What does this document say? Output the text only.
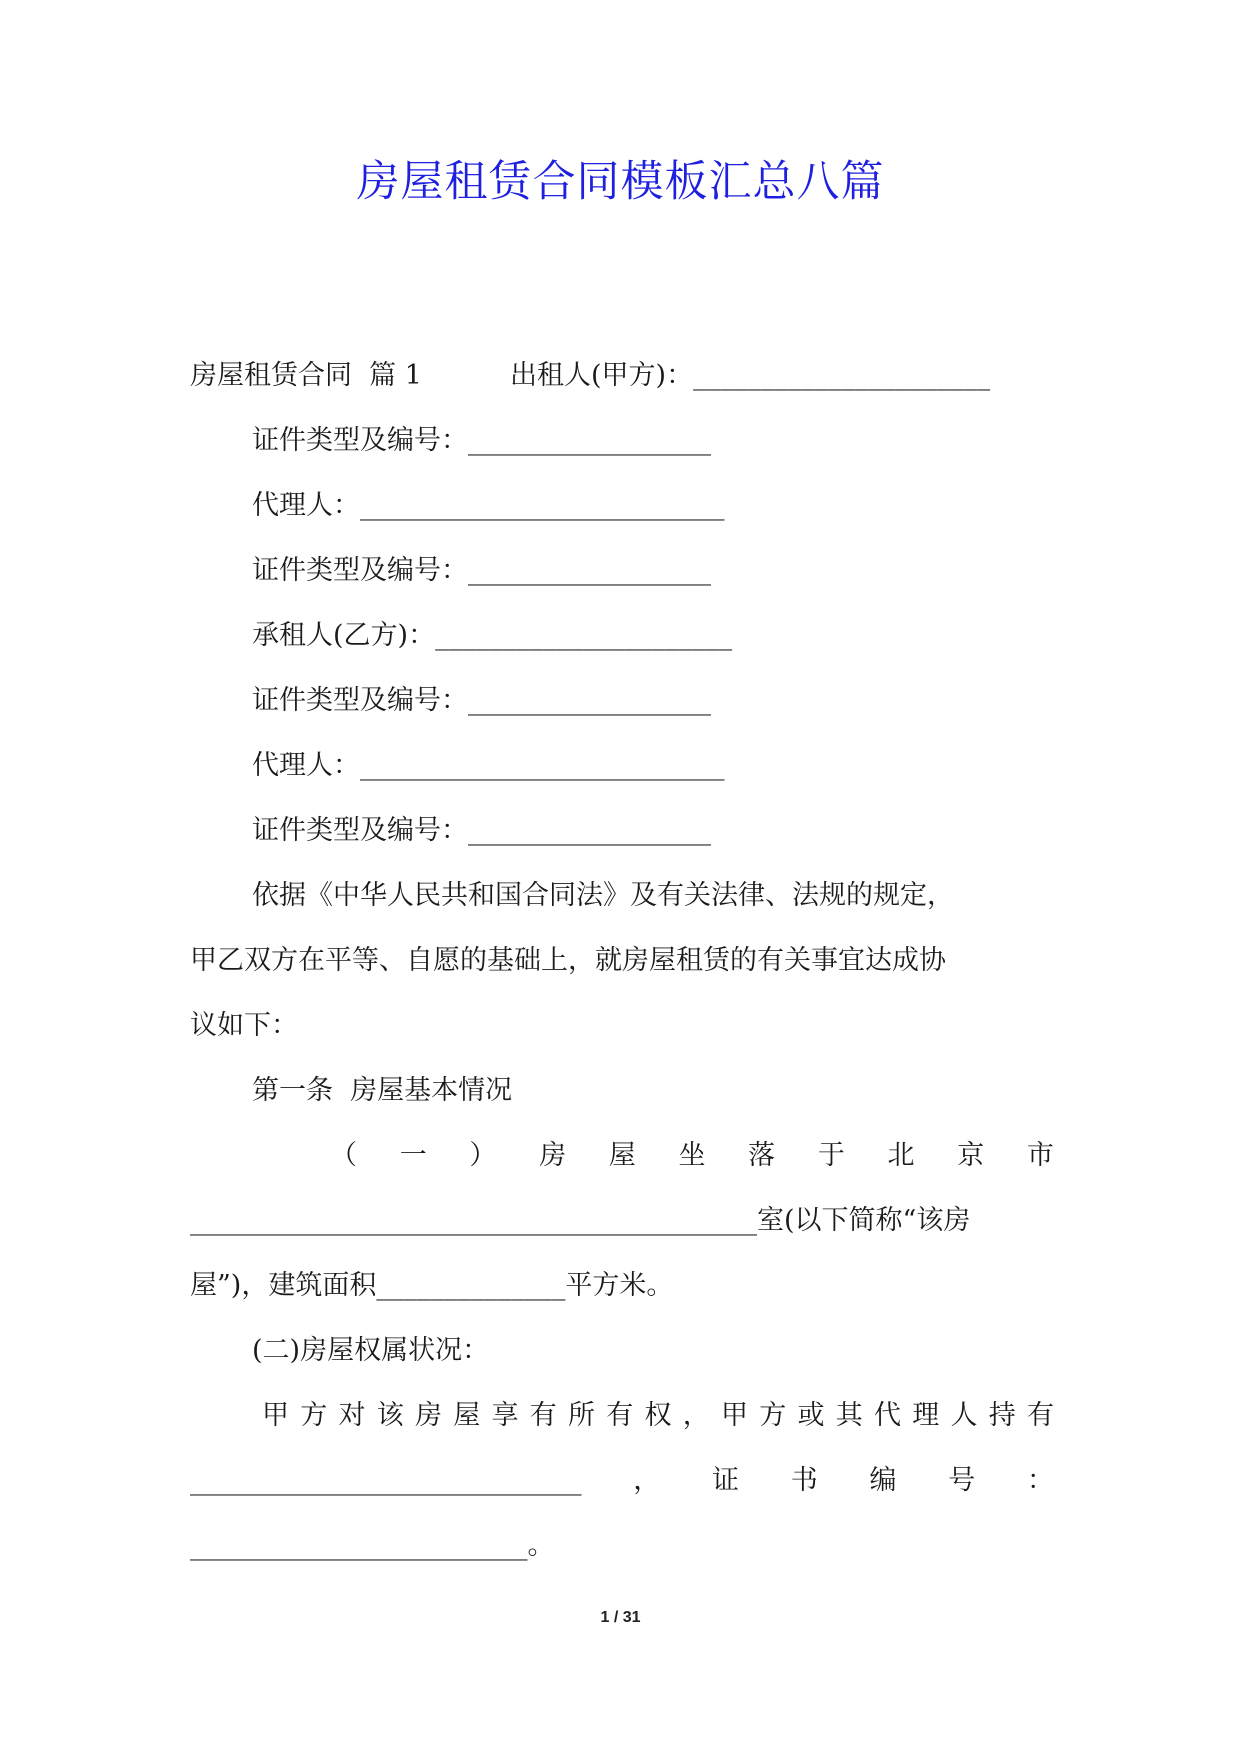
房屋租赁合同模板汇总八篇
房屋租赁合同  篇 1	出租人(甲方)：______________________
证件类型及编号：__________________
代理人：___________________________
证件类型及编号：__________________
承租人(乙方)：______________________
证件类型及编号：__________________
代理人：___________________________
证件类型及编号：__________________
依据《中华人民共和国合同法》及有关法律、法规的规定，
甲乙双方在平等、自愿的基础上，就房屋租赁的有关事宜达成协
议如下：
第一条  房屋基本情况
（ 一 ） 房 屋 坐 落 于 北 京 市
__________________________________________室(以下简称“该房
屋”)，建筑面积______________平方米。
(二)房屋权属状况：
甲 方 对 该 房 屋 享 有 所 有 权 ， 甲 方 或 其 代 理 人 持 有
_____________________________ ， 证 书 编 号 ：
_________________________。
1 / 31
